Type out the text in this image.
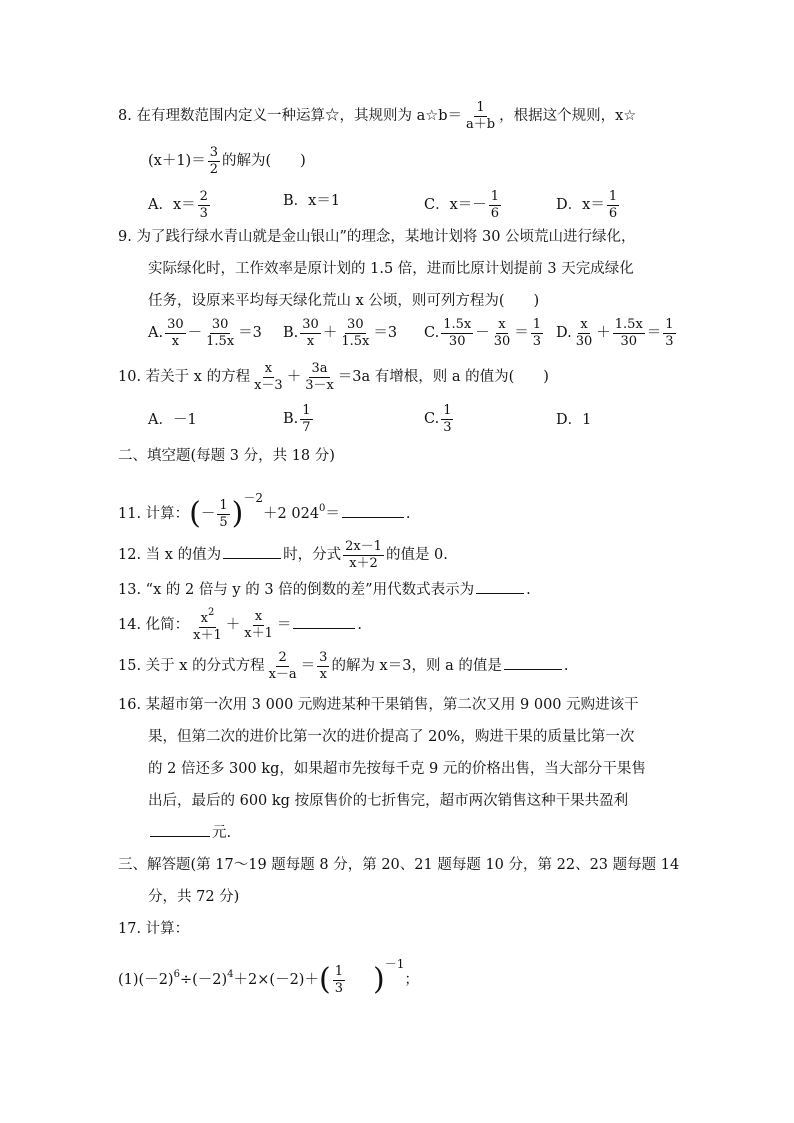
8. 在有理数范围内定义一种运算☆，其规则为 a☆b＝ $\frac{1}{a+b}$ ，根据这个规则，x☆
$(x+1)= \frac{3}{2}$ 的解为(　　)
A．$x= \frac{2}{3}$	B．x＝1	C．$x=- \frac{1}{6}$	D．$x= \frac{1}{6}$
9. 为了践行绿水青山就是金山银山”的理念，某地计划将 30 公顷荒山进行绿化，
实际绿化时，工作效率是原计划的 1.5 倍，进而比原计划提前 3 天完成绿化
任务，设原来平均每天绿化荒山 x 公顷，则可列方程为(　　)
A. $\frac{30}{x} - \frac{30}{1.5x} =3$ B. $\frac{30}{x} + \frac{30}{1.5x} =3$ C. $\frac{1.5x}{30} - \frac{x}{30} = \frac{1}{3} D$. $\frac{x}{30} + \frac{1.5x}{30} = \frac{1}{3}$
10. 若关于 x 的方程 $\frac{x}{x-3} + \frac{3a}{3-x} =3a$ 有增根，则 a 的值为(　　)
A．－1	B. $\frac{1}{7}$	C. $\frac{1}{3}$	D．1
二、填空题(每题 3 分，共 18 分)
11. 计算：(－ $\frac{1}{5} )^{-2}+2$ $024^0=$	.
12. 当 x 的值为	时，分式 $\frac{2x-1}{x+2}$ 的值是 0.
13. “x 的 2 倍与 y 的 3 倍的倒数的差”用代数式表示为	.
14. 化简： $\frac{x^2}{x+1} + \frac{x}{x+1}$ ＝	.
15. 关于 x 的分式方程 $\frac{2}{x-a} = \frac{3}{x}$ 的解为 x＝3，则 a 的值是	.
16. 某超市第一次用 3 000 元购进某种干果销售，第二次又用 9 000 元购进该干
果，但第二次的进价比第一次的进价提高了 20%，购进干果的质量比第一次
的 2 倍还多 300 kg，如果超市先按每千克 9 元的价格出售，当大部分干果售
出后，最后的 600 kg 按原售价的七折售完，超市两次销售这种干果共盈利
元.
三、解答题(第 17～19 题每题 8 分，第 20、21 题每题 10 分，第 22、23 题每题 14
分，共 72 分)
17. 计算：
$(1)(-2)^6\div(-2)^4+2\times(-2)+( \frac{1}{3} )^{-1}$；
